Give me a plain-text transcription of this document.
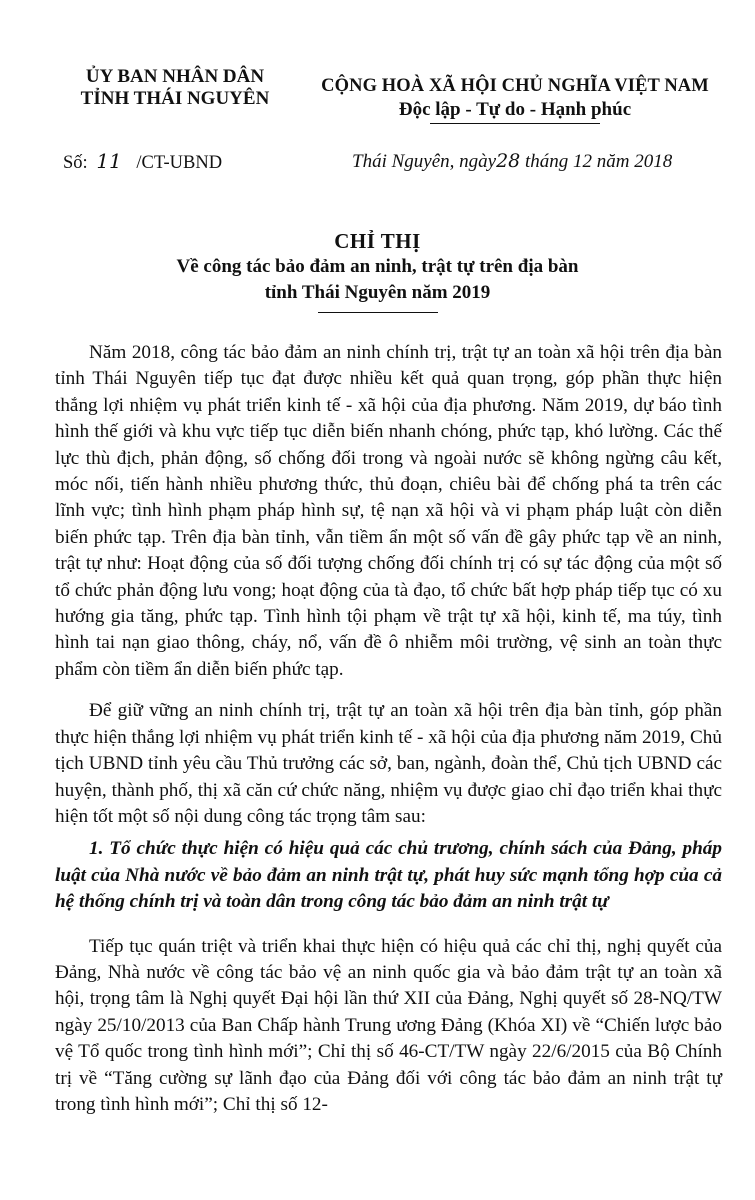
ỦY BAN NHÂN DÂN
TỈNH THÁI NGUYÊN
CỘNG HOÀ XÃ HỘI CHỦ NGHĨA VIỆT NAM
Độc lập - Tự do - Hạnh phúc
Số: 11 /CT-UBND	Thái Nguyên, ngày28 tháng 12 năm 2018
CHỈ THỊ
Về công tác bảo đảm an ninh, trật tự trên địa bàn
tỉnh Thái Nguyên năm 2019

Năm 2018, công tác bảo đảm an ninh chính trị, trật tự an toàn xã hội trên địa bàn tỉnh Thái Nguyên tiếp tục đạt được nhiều kết quả quan trọng, góp phần thực hiện thắng lợi nhiệm vụ phát triển kinh tế - xã hội của địa phương. Năm 2019, dự báo tình hình thế giới và khu vực tiếp tục diễn biến nhanh chóng, phức tạp, khó lường. Các thế lực thù địch, phản động, số chống đối trong và ngoài nước sẽ không ngừng câu kết, móc nối, tiến hành nhiều phương thức, thủ đoạn, chiêu bài để chống phá ta trên các lĩnh vực; tình hình phạm pháp hình sự, tệ nạn xã hội và vi phạm pháp luật còn diễn biến phức tạp. Trên địa bàn tỉnh, vẫn tiềm ẩn một số vấn đề gây phức tạp về an ninh, trật tự như: Hoạt động của số đối tượng chống đối chính trị có sự tác động của một số tổ chức phản động lưu vong; hoạt động của tà đạo, tổ chức bất hợp pháp tiếp tục có xu hướng gia tăng, phức tạp. Tình hình tội phạm về trật tự xã hội, kinh tế, ma túy, tình hình tai nạn giao thông, cháy, nổ, vấn đề ô nhiễm môi trường, vệ sinh an toàn thực phẩm còn tiềm ẩn diễn biến phức tạp.

Để giữ vững an ninh chính trị, trật tự an toàn xã hội trên địa bàn tỉnh, góp phần thực hiện thắng lợi nhiệm vụ phát triển kinh tế - xã hội của địa phương năm 2019, Chủ tịch UBND tỉnh yêu cầu Thủ trưởng các sở, ban, ngành, đoàn thể, Chủ tịch UBND các huyện, thành phố, thị xã căn cứ chức năng, nhiệm vụ được giao chỉ đạo triển khai thực hiện tốt một số nội dung công tác trọng tâm sau:

1. Tổ chức thực hiện có hiệu quả các chủ trương, chính sách của Đảng, pháp luật của Nhà nước về bảo đảm an ninh trật tự, phát huy sức mạnh tổng hợp của cả hệ thống chính trị và toàn dân trong công tác bảo đảm an ninh trật tự

Tiếp tục quán triệt và triển khai thực hiện có hiệu quả các chỉ thị, nghị quyết của Đảng, Nhà nước về công tác bảo vệ an ninh quốc gia và bảo đảm trật tự an toàn xã hội, trọng tâm là Nghị quyết Đại hội lần thứ XII của Đảng, Nghị quyết số 28-NQ/TW ngày 25/10/2013 của Ban Chấp hành Trung ương Đảng (Khóa XI) về “Chiến lược bảo vệ Tổ quốc trong tình hình mới”; Chỉ thị số 46-CT/TW ngày 22/6/2015 của Bộ Chính trị về “Tăng cường sự lãnh đạo của Đảng đối với công tác bảo đảm an ninh trật tự trong tình hình mới”; Chỉ thị số 12-
